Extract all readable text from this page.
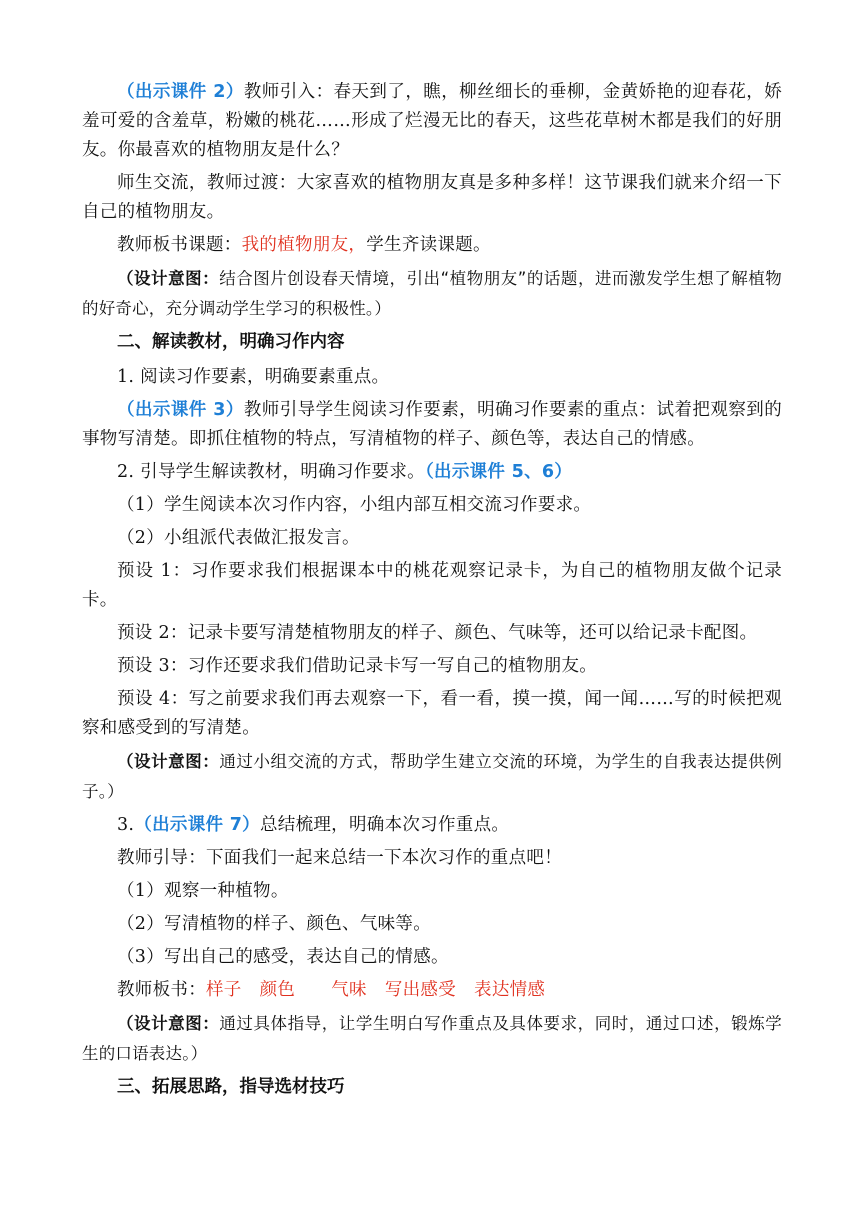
（出示课件 2）教师引入：春天到了，瞧，柳丝细长的垂柳，金黄娇艳的迎春花，娇羞可爱的含羞草，粉嫩的桃花……形成了烂漫无比的春天，这些花草树木都是我们的好朋友。你最喜欢的植物朋友是什么？

师生交流，教师过渡：大家喜欢的植物朋友真是多种多样！这节课我们就来介绍一下自己的植物朋友。

教师板书课题：我的植物朋友，学生齐读课题。

（设计意图：结合图片创设春天情境，引出“植物朋友”的话题，进而激发学生想了解植物的好奇心，充分调动学生学习的积极性。）

二、解读教材，明确习作内容

1. 阅读习作要素，明确要素重点。

（出示课件 3）教师引导学生阅读习作要素，明确习作要素的重点：试着把观察到的事物写清楚。即抓住植物的特点，写清植物的样子、颜色等，表达自己的情感。

2. 引导学生解读教材，明确习作要求。（出示课件 5、6）

（1）学生阅读本次习作内容，小组内部互相交流习作要求。

（2）小组派代表做汇报发言。

预设 1：习作要求我们根据课本中的桃花观察记录卡，为自己的植物朋友做个记录卡。

预设 2：记录卡要写清楚植物朋友的样子、颜色、气味等，还可以给记录卡配图。

预设 3：习作还要求我们借助记录卡写一写自己的植物朋友。

预设 4：写之前要求我们再去观察一下，看一看，摸一摸，闻一闻……写的时候把观察和感受到的写清楚。

（设计意图：通过小组交流的方式，帮助学生建立交流的环境，为学生的自我表达提供例子。）

3.（出示课件 7）总结梳理，明确本次习作重点。

教师引导：下面我们一起来总结一下本次习作的重点吧！

（1）观察一种植物。

（2）写清植物的样子、颜色、气味等。

（3）写出自己的感受，表达自己的情感。

教师板书：样子 颜色 气味 写出感受 表达情感

（设计意图：通过具体指导，让学生明白写作重点及具体要求，同时，通过口述，锻炼学生的口语表达。）

三、拓展思路，指导选材技巧
